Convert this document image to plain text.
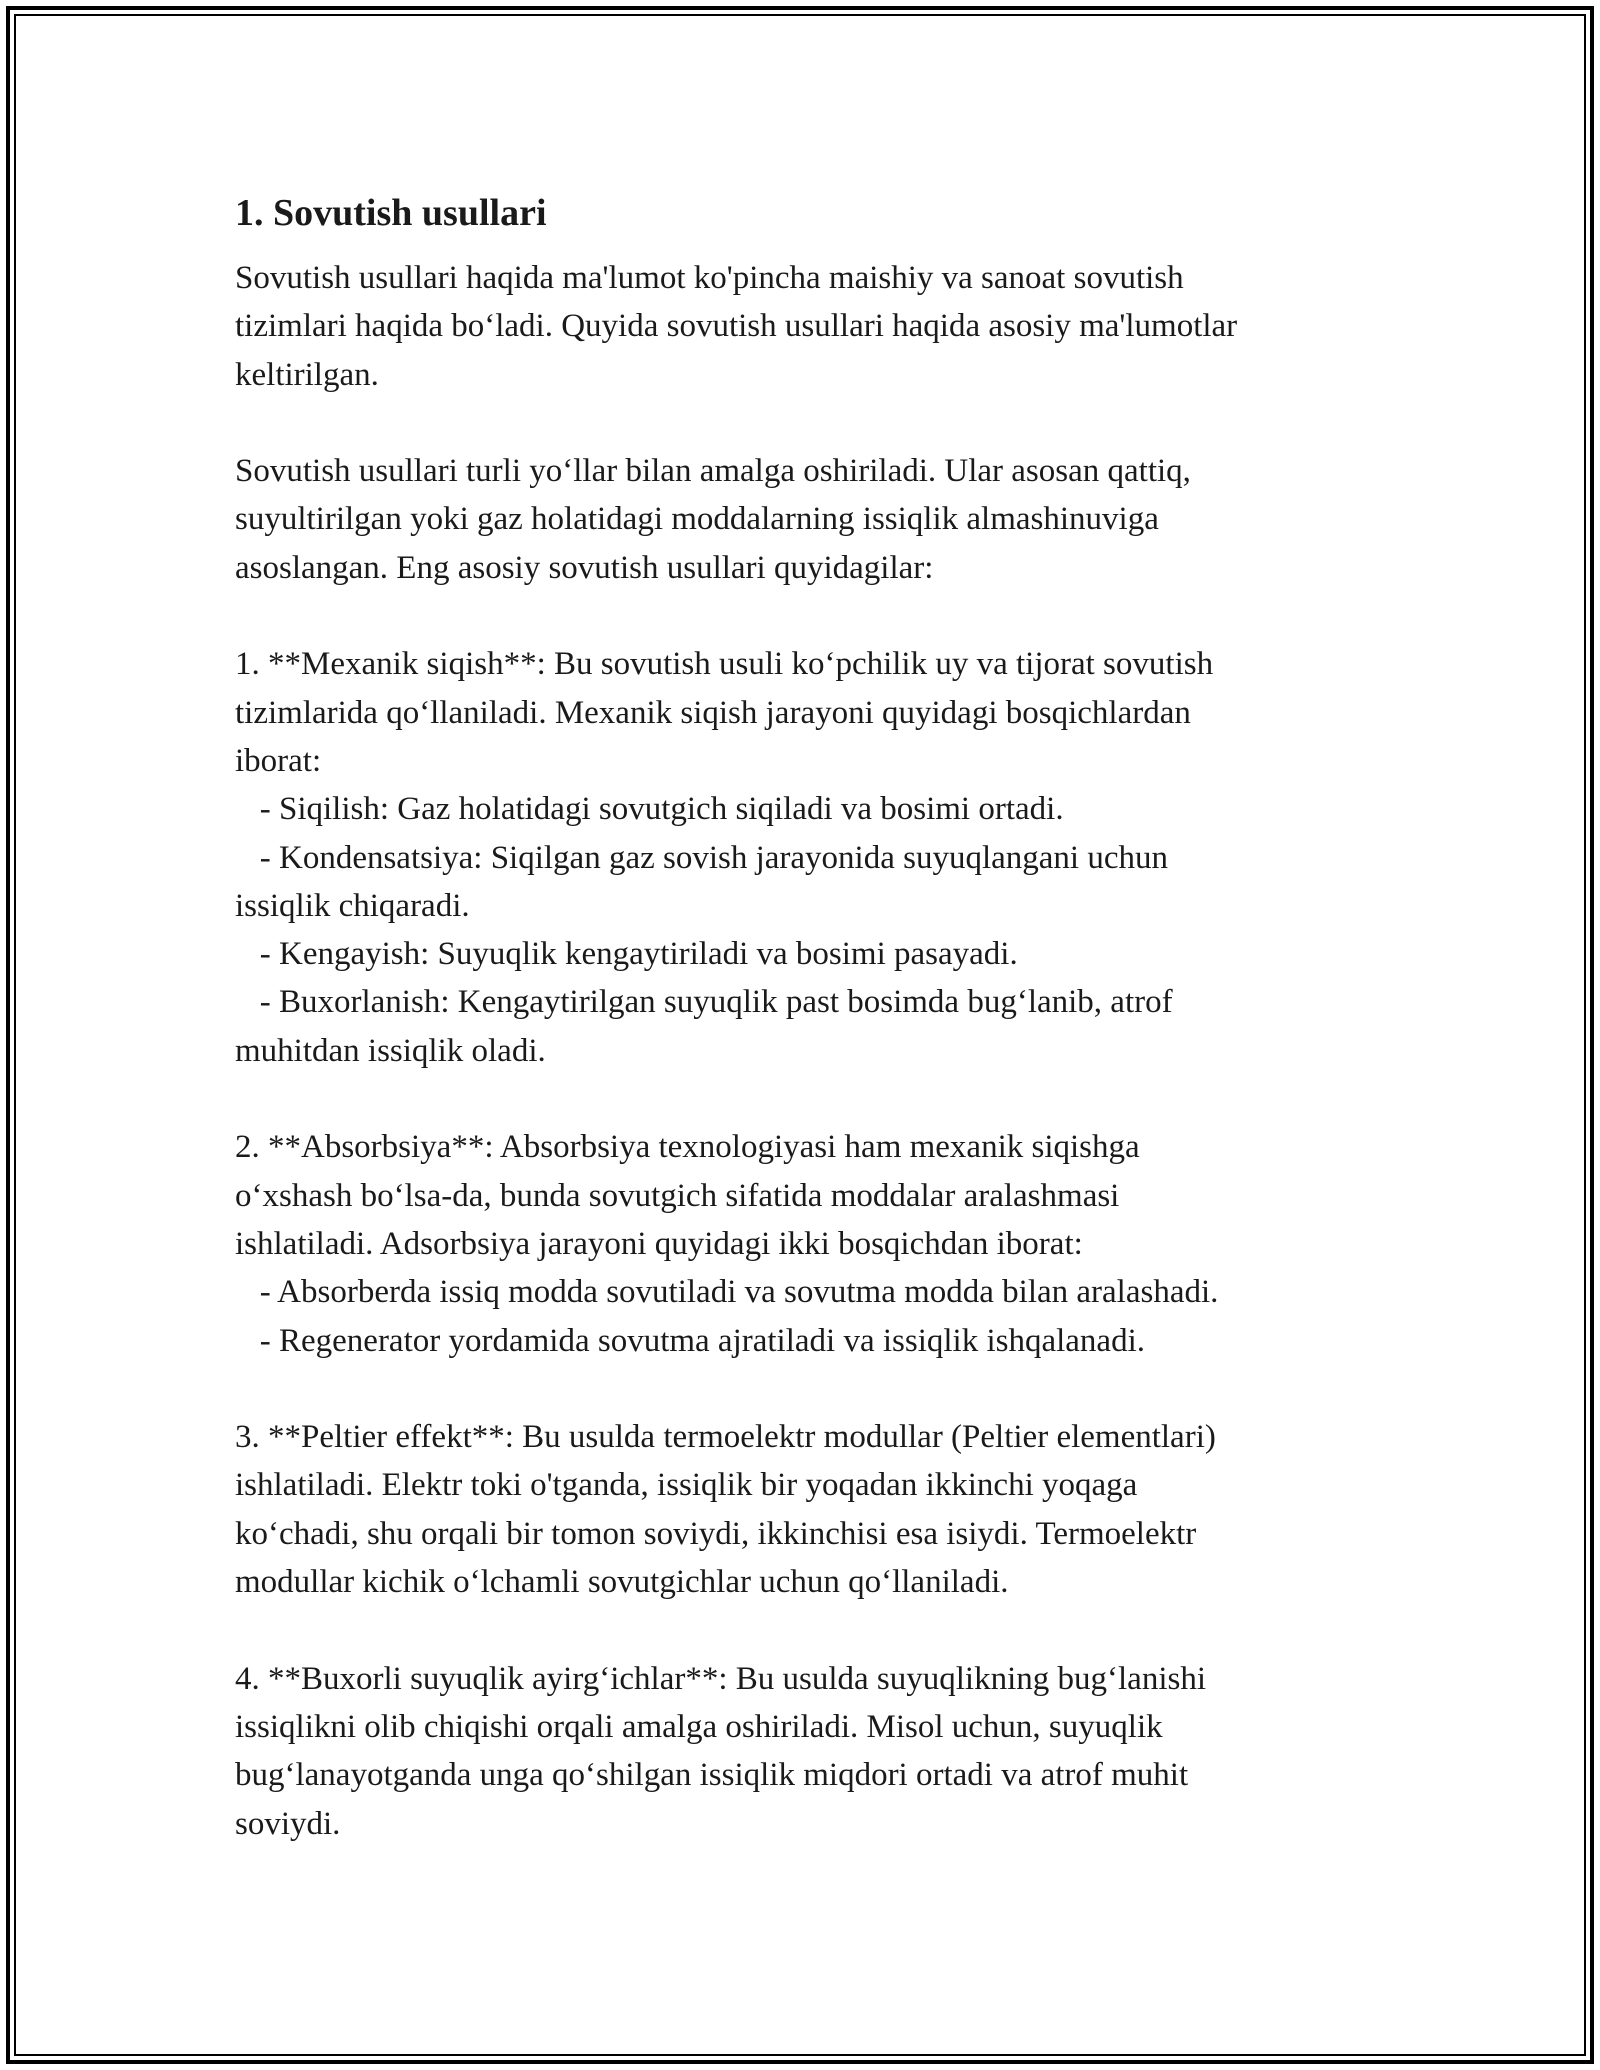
1. Sovutish usullari

Sovutish usullari haqida ma'lumot ko'pincha maishiy va sanoat sovutish
tizimlari haqida bo‘ladi. Quyida sovutish usullari haqida asosiy ma'lumotlar
keltirilgan.

Sovutish usullari turli yo‘llar bilan amalga oshiriladi. Ular asosan qattiq,
suyultirilgan yoki gaz holatidagi moddalarning issiqlik almashinuviga
asoslangan. Eng asosiy sovutish usullari quyidagilar:

1. **Mexanik siqish**: Bu sovutish usuli ko‘pchilik uy va tijorat sovutish
tizimlarida qo‘llaniladi. Mexanik siqish jarayoni quyidagi bosqichlardan
iborat:
- Siqilish: Gaz holatidagi sovutgich siqiladi va bosimi ortadi.
- Kondensatsiya: Siqilgan gaz sovish jarayonida suyuqlangani uchun
issiqlik chiqaradi.
- Kengayish: Suyuqlik kengaytiriladi va bosimi pasayadi.
- Buxorlanish: Kengaytirilgan suyuqlik past bosimda bug‘lanib, atrof
muhitdan issiqlik oladi.

2. **Absorbsiya**: Absorbsiya texnologiyasi ham mexanik siqishga
o‘xshash bo‘lsa-da, bunda sovutgich sifatida moddalar aralashmasi
ishlatiladi. Adsorbsiya jarayoni quyidagi ikki bosqichdan iborat:
- Absorberda issiq modda sovutiladi va sovutma modda bilan aralashadi.
- Regenerator yordamida sovutma ajratiladi va issiqlik ishqalanadi.

3. **Peltier effekt**: Bu usulda termoelektr modullar (Peltier elementlari)
ishlatiladi. Elektr toki o'tganda, issiqlik bir yoqadan ikkinchi yoqaga
ko‘chadi, shu orqali bir tomon soviydi, ikkinchisi esa isiydi. Termoelektr
modullar kichik o‘lchamli sovutgichlar uchun qo‘llaniladi.

4. **Buxorli suyuqlik ayirg‘ichlar**: Bu usulda suyuqlikning bug‘lanishi
issiqlikni olib chiqishi orqali amalga oshiriladi. Misol uchun, suyuqlik
bug‘lanayotganda unga qo‘shilgan issiqlik miqdori ortadi va atrof muhit
soviydi.
